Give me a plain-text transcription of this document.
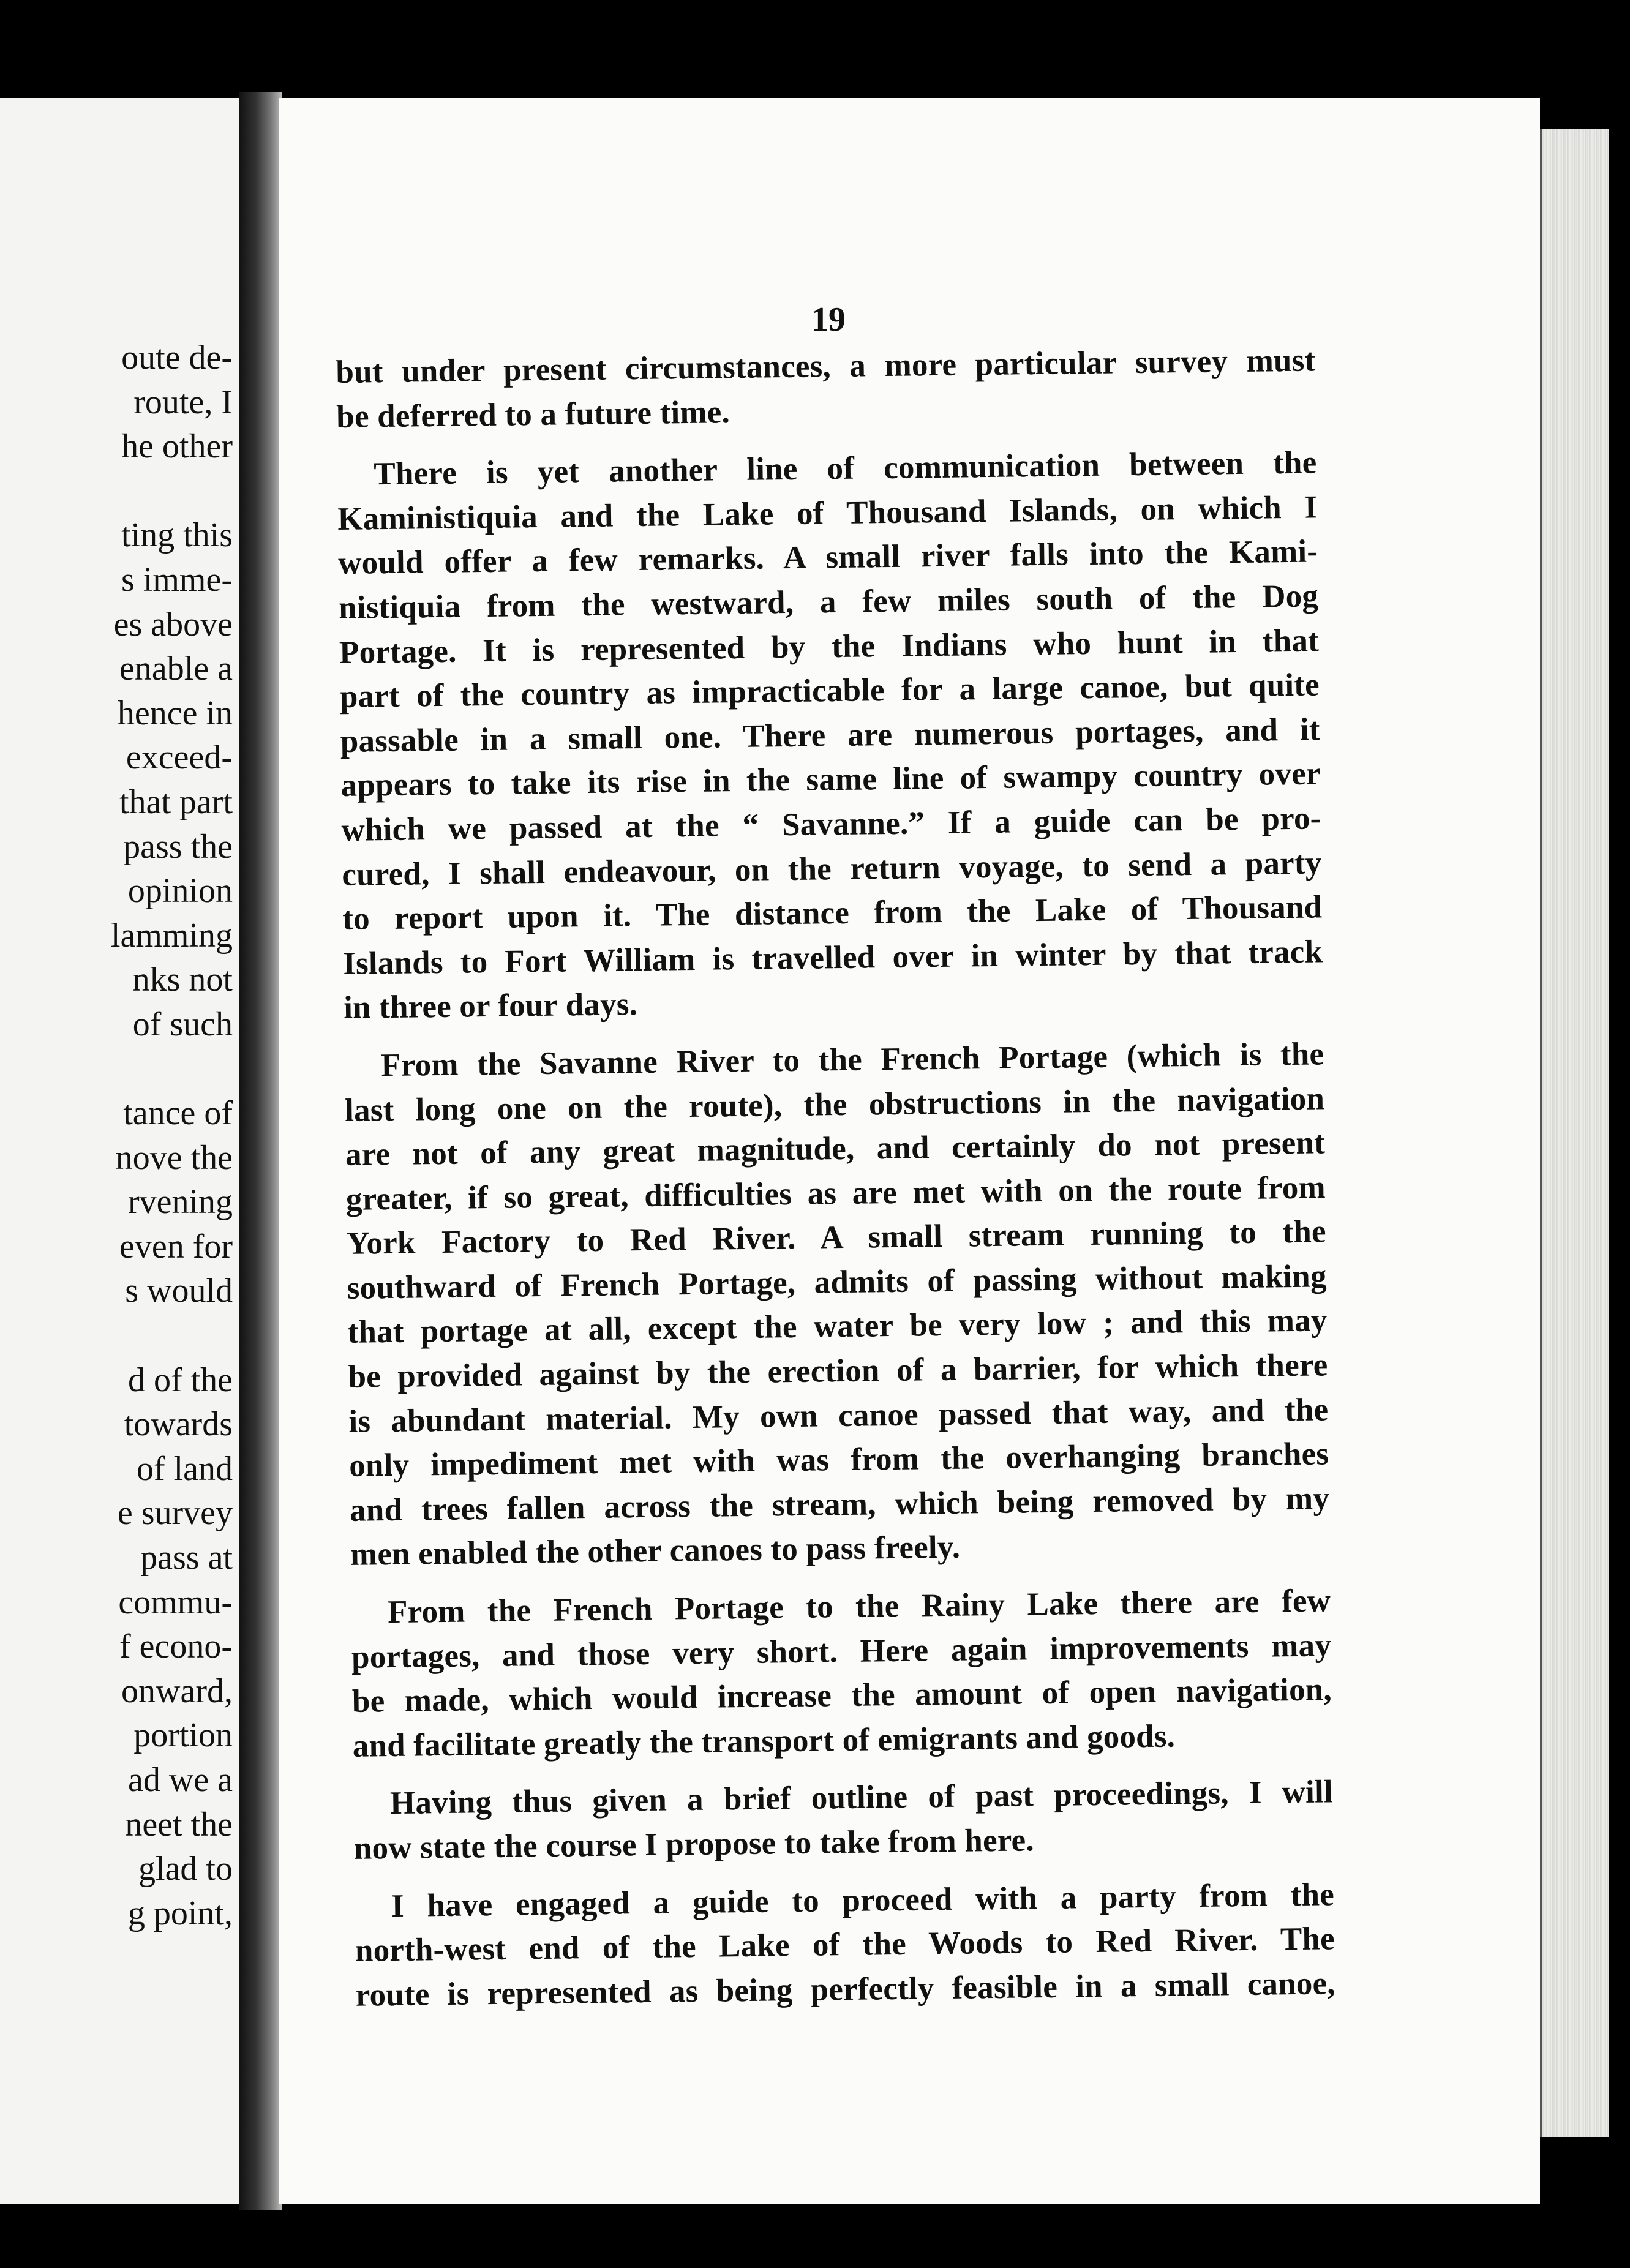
oute de-
route, I
he other
ting this
s imme-
es above
enable a
hence in
exceed-
that part
pass the
opinion
lamming
nks not
of such
tance of
nove the
rvening
even for
s would
d of the
towards
of land
e survey
pass at
commu-
f econo-
onward,
portion
ad we a
neet the
glad to
g point,

19

but under present circumstances, a more particular survey must
be deferred to a future time.

There is yet another line of communication between the
Kaministiquia and the Lake of Thousand Islands, on which I
would offer a few remarks. A small river falls into the Kami-
nistiquia from the westward, a few miles south of the Dog
Portage. It is represented by the Indians who hunt in that
part of the country as impracticable for a large canoe, but quite
passable in a small one. There are numerous portages, and it
appears to take its rise in the same line of swampy country over
which we passed at the “ Savanne.” If a guide can be pro-
cured, I shall endeavour, on the return voyage, to send a party
to report upon it. The distance from the Lake of Thousand
Islands to Fort William is travelled over in winter by that track
in three or four days.

From the Savanne River to the French Portage (which is the
last long one on the route), the obstructions in the navigation
are not of any great magnitude, and certainly do not present
greater, if so great, difficulties as are met with on the route from
York Factory to Red River. A small stream running to the
southward of French Portage, admits of passing without making
that portage at all, except the water be very low ; and this may
be provided against by the erection of a barrier, for which there
is abundant material. My own canoe passed that way, and the
only impediment met with was from the overhanging branches
and trees fallen across the stream, which being removed by my
men enabled the other canoes to pass freely.

From the French Portage to the Rainy Lake there are few
portages, and those very short. Here again improvements may
be made, which would increase the amount of open navigation,
and facilitate greatly the transport of emigrants and goods.

Having thus given a brief outline of past proceedings, I will
now state the course I propose to take from here.

I have engaged a guide to proceed with a party from the
north-west end of the Lake of the Woods to Red River. The
route is represented as being perfectly feasible in a small canoe,
